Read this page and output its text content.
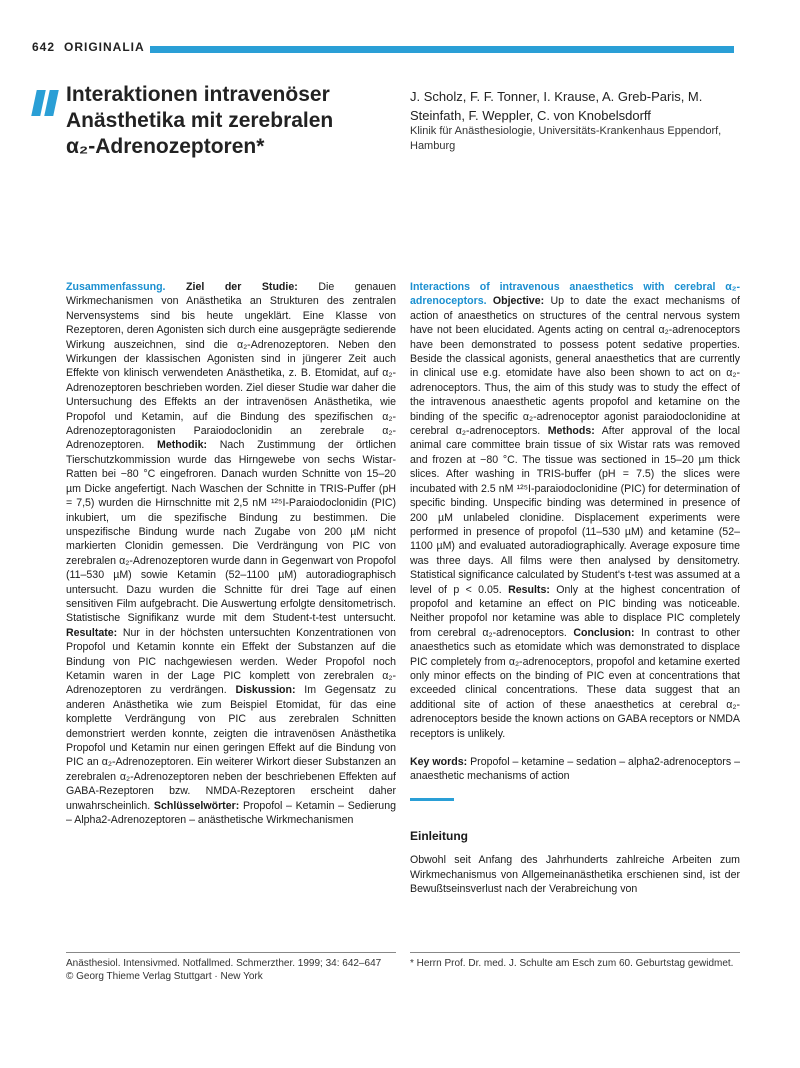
642 ORIGINALIA
Interaktionen intravenöser Anästhetika mit zerebralen α₂-Adrenozeptoren*
J. Scholz, F. F. Tonner, I. Krause, A. Greb-Paris, M. Steinfath, F. Weppler, C. von Knobelsdorff
Klinik für Anästhesiologie, Universitäts-Krankenhaus Eppendorf, Hamburg
Zusammenfassung. Ziel der Studie: Die genauen Wirkmechanismen von Anästhetika an Strukturen des zentralen Nervensystems sind bis heute ungeklärt. Eine Klasse von Rezeptoren, deren Agonisten sich durch eine ausgeprägte sedierende Wirkung auszeichnen, sind die α₂-Adrenozeptoren. Neben den Wirkungen der klassischen Agonisten sind in jüngerer Zeit auch Effekte von klinisch verwendeten Anästhetika, z. B. Etomidat, auf α₂-Adrenozeptoren beschrieben worden. Ziel dieser Studie war daher die Untersuchung des Effekts an der intravenösen Anästhetika, wie Propofol und Ketamin, auf die Bindung des spezifischen α₂-Adrenozeptoragonisten Paraiodoclonidin an zerebrale α₂-Adrenozeptoren. Methodik: Nach Zustimmung der örtlichen Tierschutzkommission wurde das Hirngewebe von sechs Wistar-Ratten bei −80 °C eingefroren. Danach wurden Schnitte von 15–20 µm Dicke angefertigt. Nach Waschen der Schnitte in TRIS-Puffer (pH = 7,5) wurden die Hirnschnitte mit 2,5 nM ¹²⁵I-Paraiodoclonidin (PIC) inkubiert, um die spezifische Bindung zu bestimmen. Die unspezifische Bindung wurde nach Zugabe von 200 µM nicht markierten Clonidin gemessen. Die Verdrängung von PIC von zerebralen α₂-Adrenozeptoren wurde dann in Gegenwart von Propofol (11–530 µM) sowie Ketamin (52–1100 µM) autoradiographisch untersucht. Dazu wurden die Schnitte für drei Tage auf einen sensitiven Film aufgebracht. Die Auswertung erfolgte densitometrisch. Statistische Signifikanz wurde mit dem Student-t-test untersucht. Resultate: Nur in der höchsten untersuchten Konzentrationen von Propofol und Ketamin konnte ein Effekt der Substanzen auf die Bindung von PIC nachgewiesen werden. Weder Propofol noch Ketamin waren in der Lage PIC komplett von zerebralen α₂-Adrenozeptoren zu verdrängen. Diskussion: Im Gegensatz zu anderen Anästhetika wie zum Beispiel Etomidat, für das eine komplette Verdrängung von PIC aus zerebralen Schnitten demonstriert werden konnte, zeigten die intravenösen Anästhetika Propofol und Ketamin nur einen geringen Effekt auf die Bindung von PIC an α₂-Adrenozeptoren. Ein weiterer Wirkort dieser Substanzen an zerebralen α₂-Adrenozeptoren neben der beschriebenen Effekten auf GABA-Rezeptoren bzw. NMDA-Rezeptoren erscheint daher unwahrscheinlich. Schlüsselwörter: Propofol – Ketamin – Sedierung – Alpha2-Adrenozeptoren – anästhetische Wirkmechanismen
Interactions of intravenous anaesthetics with cerebral α₂-adrenoceptors. Objective: Up to date the exact mechanisms of action of anaesthetics on structures of the central nervous system have not been elucidated. Agents acting on central α₂-adrenoceptors have been demonstrated to possess potent sedative properties. Beside the classical agonists, general anaesthetics that are currently in clinical use e.g. etomidate have also been shown to act on α₂-adrenoceptors. Thus, the aim of this study was to study the effect of the intravenous anaesthetic agents propofol and ketamine on the binding of the specific α₂-adrenoceptor agonist paraiodoclonidine at cerebral α₂-adrenoceptors. Methods: After approval of the local animal care committee brain tissue of six Wistar rats was removed and frozen at −80 °C. The tissue was sectioned in 15–20 µm thick slices. After washing in TRIS-buffer (pH = 7.5) the slices were incubated with 2.5 nM ¹²⁵I-paraiodoclonidine (PIC) for determination of specific binding. Unspecific binding was determined in presence of 200 µM unlabeled clonidine. Displacement experiments were performed in presence of propofol (11–530 µM) and ketamine (52–1100 µM) and evaluated autoradiographically. Average exposure time was three days. All films were then analysed by densitometry. Statistical significance calculated by Student's t-test was assumed at a level of p < 0.05. Results: Only at the highest concentration of propofol and ketamine an effect on PIC binding was noticeable. Neither propofol nor ketamine was able to displace PIC completely from cerebral α₂-adrenoceptors. Conclusion: In contrast to other anaesthetics such as etomidate which was demonstrated to displace PIC completely from α₂-adrenoceptors, propofol and ketamine exerted only minor effects on the binding of PIC even at concentrations that exceeded clinical concentrations. These data suggest that an additional site of action of these anaesthetics at cerebral α₂-adrenoceptors beside the known actions on GABA receptors or NMDA receptors is unlikely.
Key words: Propofol – ketamine – sedation – alpha2-adrenoceptors – anaesthetic mechanisms of action
Einleitung

Obwohl seit Anfang des Jahrhunderts zahlreiche Arbeiten zum Wirkmechanismus von Allgemeinanästhetika erschienen sind, ist der Bewußtseinsverlust nach der Verabreichung von

Anästhesiol. Intensivmed. Notfallmed. Schmerzther. 1999; 34: 642–647
© Georg Thieme Verlag Stuttgart · New York
* Herrn Prof. Dr. med. J. Schulte am Esch zum 60. Geburtstag gewidmet.
